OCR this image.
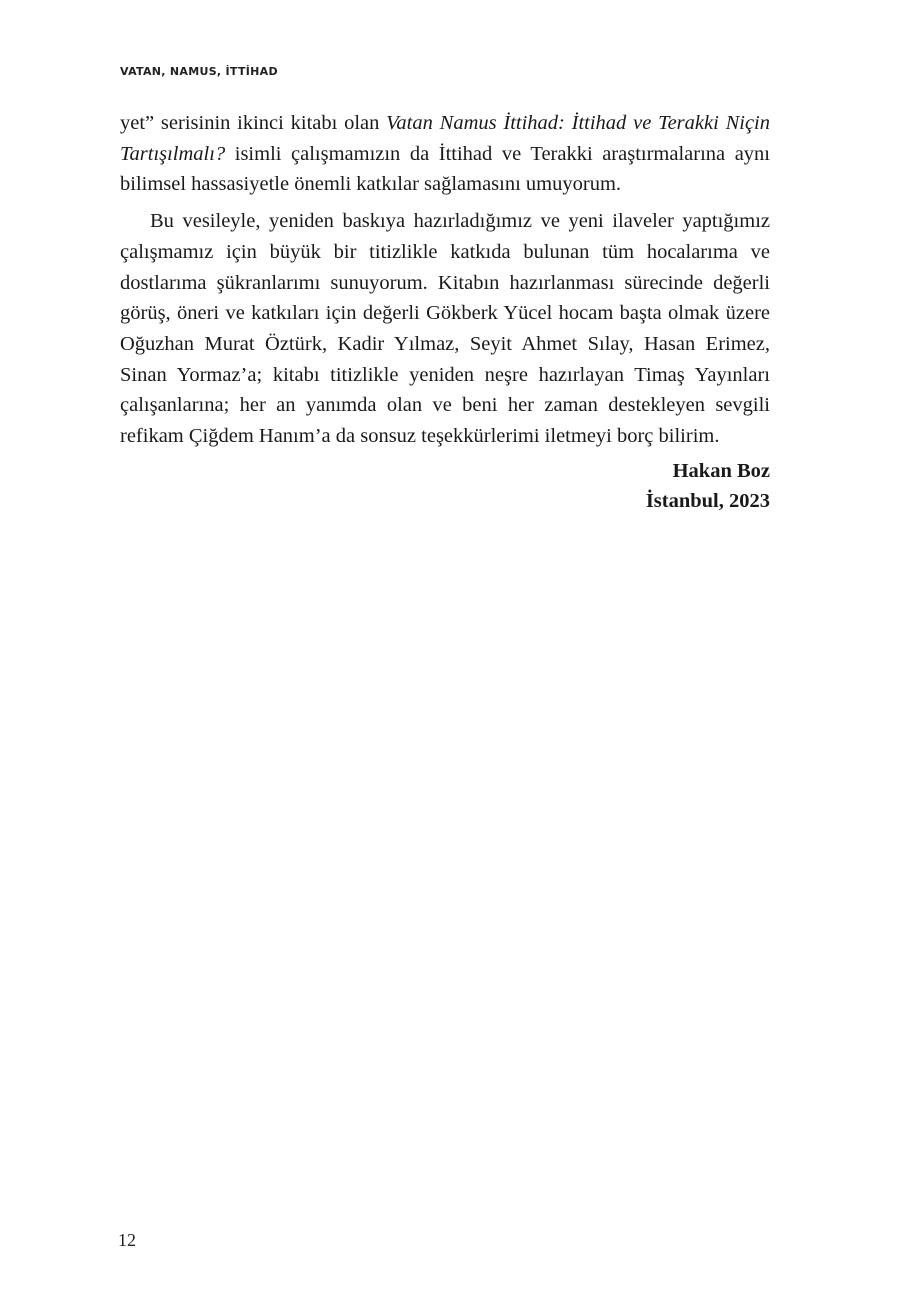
VATAN, NAMUS, İTTİHAD

yet” serisinin ikinci kitabı olan Vatan Namus İttihad: İttihad ve Terakki Niçin Tartışılmalı? isimli çalışmamızın da İttihad ve Terakki araştırmalarına aynı bilimsel hassasiyetle önemli katkılar sağlamasını umuyorum.

Bu vesileyle, yeniden baskıya hazırladığımız ve yeni ilaveler yaptığımız çalışmamız için büyük bir titizlikle katkıda bulunan tüm hocalarıma ve dostlarıma şükranlarımı sunuyorum. Kitabın hazırlanması sürecinde değerli görüş, öneri ve katkıları için değerli Gökberk Yücel hocam başta olmak üzere Oğuzhan Murat Öztürk, Kadir Yılmaz, Seyit Ahmet Sılay, Hasan Erimez, Sinan Yormaz’a; kitabı titizlikle yeniden neşre hazırlayan Timaş Yayınları çalışanlarına; her an yanımda olan ve beni her zaman destekleyen sevgili refikam Çiğdem Hanım’a da sonsuz teşekkürlerimi iletmeyi borç bilirim.

Hakan Boz
İstanbul, 2023
12
